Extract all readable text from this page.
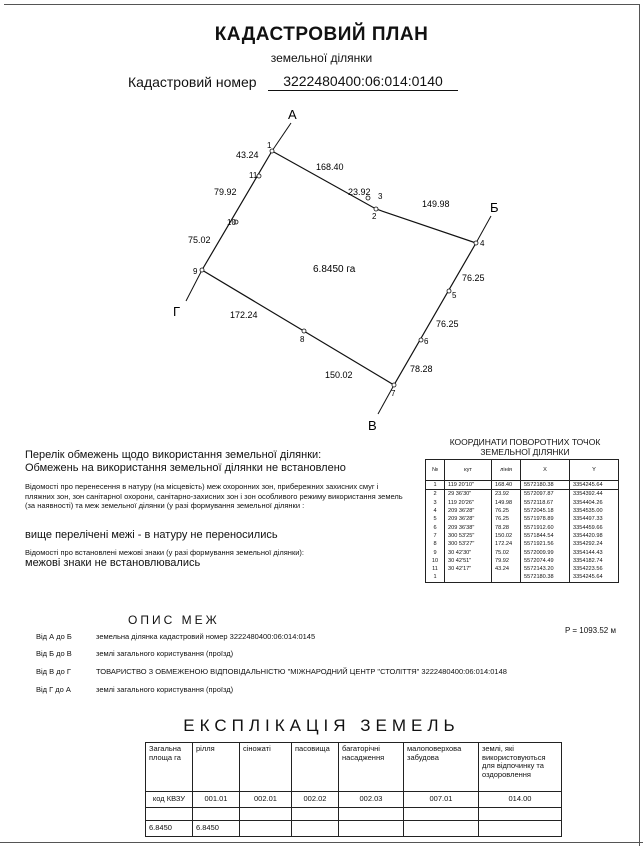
КАДАСТРОВИЙ ПЛАН
земельної ділянки
Кадастровий номер	3222480400:06:014:0140
1
2
3
4
5
6
7
8
9
10
11
43.24
168.40
23.92
149.98
79.92
75.02
76.25
76.25
172.24
150.02
78.28
А
Б
В
Г
6.8450 га
Перелік обмежень щодо використання земельної ділянки:
Обмежень на використання земельної ділянки не встановлено
Відомості про перенесення в натуру (на місцевість) меж охоронних зон, прибережних захисних смуг і пляжних зон, зон санітарної охорони, санітарно-захисних зон і зон особливого режиму використання земель (за наявності) та меж земельної ділянки (у разі формування земельної ділянки :
вище перелічені межі - в натуру не переносились
Відомості про встановлені межові знаки (у разі формування земельної ділянки):
межові знаки не встановлювались
КООРДИНАТИ ПОВОРОТНИХ ТОЧОК
ЗЕМЕЛЬНОЇ ДІЛЯНКИ
№	кут	лінія	X	Y
1	119 20'10"	168.40	5572180.38	3354245.64
2	29 36'30"	23.92	5572097.87	3354392.44
3	119 20'26"	149.98	5572118.67	3354404.26
4	209 36'28"	76.25	5572045.18	3354535.00
5	209 36'28"	76.25	5571978.89	3354497.33
6	209 36'38"	78.28	5571912.60	3354459.66
7	300 53'25"	150.02	5571844.54	3354420.98
8	300 53'27"	172.24	5571921.56	3354292.24
9	30 42'30"	75.02	5572009.99	3354144.43
10	30 42'51"	79.92	5572074.49	3354182.74
11	30 42'17"	43.24	5572143.20	3354223.56
1			5572180.38	3354245.64
P = 1093.52 м
ОПИС МЕЖ
Від А до Б	земельна ділянка кадастровий номер 3222480400:06:014:0145
Від Б до В	землі загального користування (проїзд)
Від В до Г	ТОВАРИСТВО З ОБМЕЖЕНОЮ ВІДПОВІДАЛЬНІСТЮ "МІЖНАРОДНИЙ ЦЕНТР "СТОЛІТТЯ" 3222480400:06:014:0148
Від Г до А	землі загального користування (проїзд)
ЕКСПЛІКАЦІЯ ЗЕМЕЛЬ
Загальна площа га	рілля	сіножаті	пасовища	багаторічні насадження	малоповерхова забудова	землі, які використовуються для відпочинку та оздоровлення
код КВЗУ	001.01	002.01	002.02	002.03	007.01	014.00

6.8450	6.8450					
